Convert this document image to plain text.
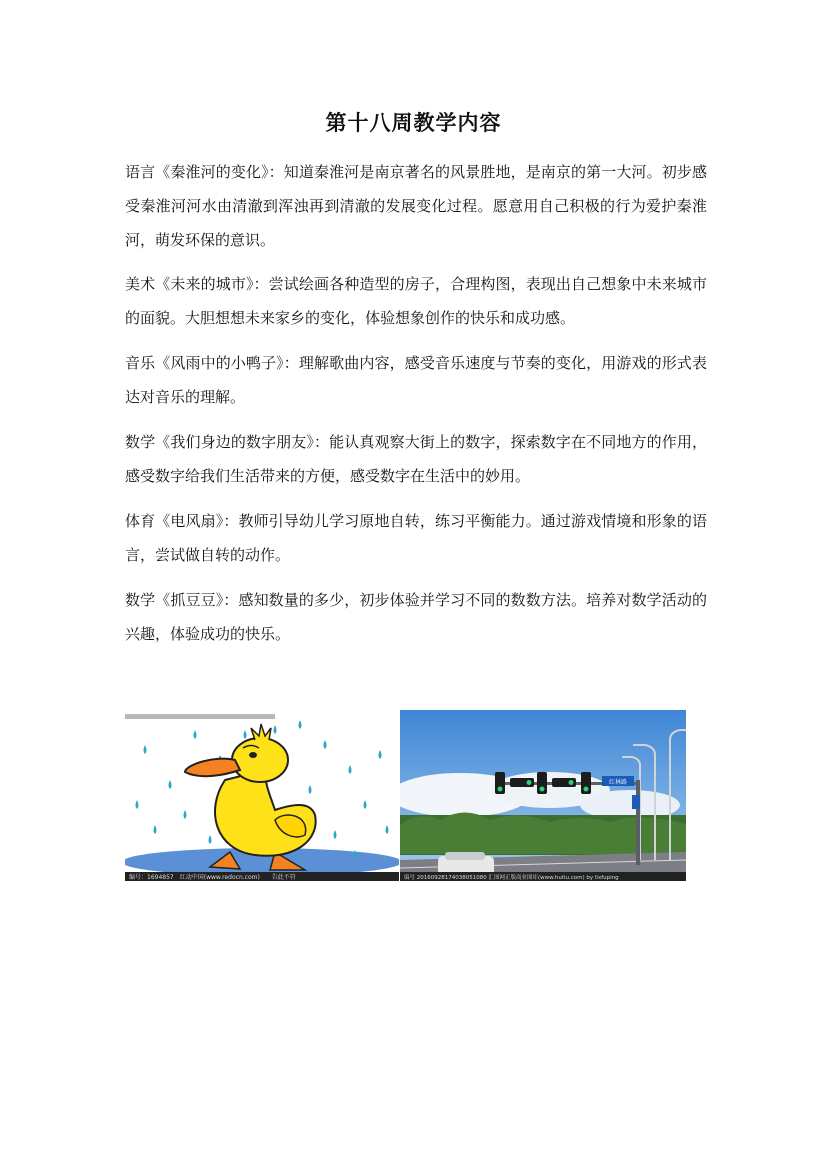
第十八周教学内容

语言《秦淮河的变化》：知道秦淮河是南京著名的风景胜地，是南京的第一大河。初步感受秦淮河河水由清澈到浑浊再到清澈的发展变化过程。愿意用自己积极的行为爱护秦淮河，萌发环保的意识。

美术《未来的城市》：尝试绘画各种造型的房子，合理构图，表现出自己想象中未来城市的面貌。大胆想想未来家乡的变化，体验想象创作的快乐和成功感。

音乐《风雨中的小鸭子》：理解歌曲内容，感受音乐速度与节奏的变化，用游戏的形式表达对音乐的理解。

数学《我们身边的数字朋友》：能认真观察大街上的数字，探索数字在不同地方的作用，感受数字给我们生活带来的方便，感受数字在生活中的妙用。

体育《电风扇》：教师引导幼儿学习原地自转，练习平衡能力。通过游戏情境和形象的语言，尝试做自转的动作。

数学《抓豆豆》：感知数量的多少，初步体验并学习不同的数数方法。培养对数学活动的兴趣，体验成功的快乐。

编号：1694857　红动中国(www.redocn.com)　　告此不符
红林路
编号 20160928174038051080 汇图网正版商业图库(www.huitu.com) by lixfuping
